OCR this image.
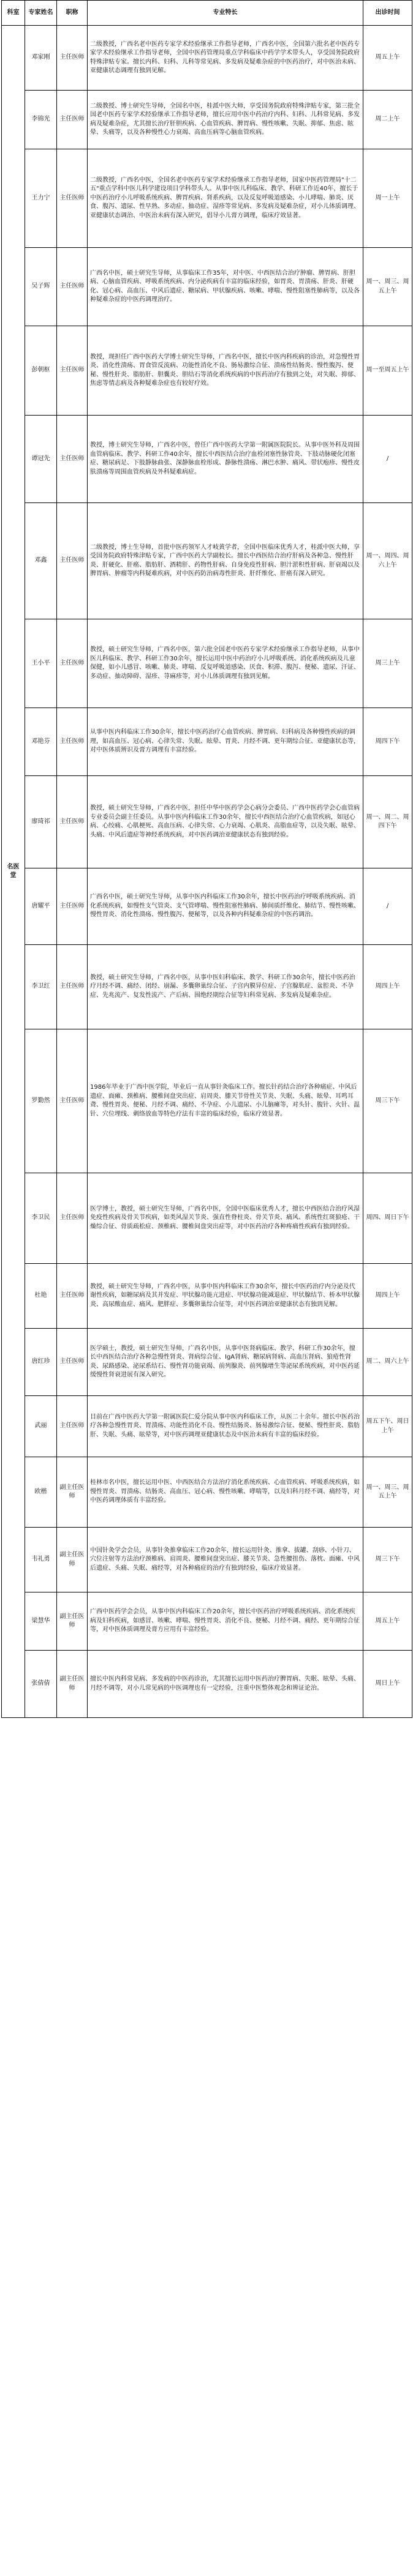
科室	专家姓名	职称	专业特长	出诊时间
名医堂	邓家刚	主任医师	二级教授，广西名老中医药专家学术经验继承工作指导老师，广西名中医，全国第六批名老中医药专家学术经验继承工作指导老师，全国中医药管理局重点学科临床中药学学术带头人，享受国务院政府特殊津贴专家。擅长内科、妇科、儿科等常见病、多发病及疑难杂症的中医药治疗，对中医治未病、亚健康状态调理有独到见解。	周五上午
	李锦光	主任医师	二级教授、博士研究生导师，全国名中医，桂派中医大师，享受国务院政府特殊津贴专家，第三批全国老中医药专家学术经验继承工作指导老师，擅长应用中医中药治疗内科、妇科、儿科常见病、多发病及疑难杂症，尤其擅长治疗肝胆疾病、心血管疾病、脾胃病、慢性咳嗽、失眠、抑郁、焦虑、眩晕、头痛等，以及各种慢性心力衰竭、高血压病等心脑血管疾病。	周二上午
	王力宁	主任医师	二级教授，广西名中医，全国名老中医药专家学术经验继承工作指导老师，国家中医药管理局"十二五"重点学科中医儿科学建设项目学科带头人。从事中医儿科临床、教学、科研工作近40年，擅长于中医药治疗小儿呼吸系统疾病、脾胃疾病、肾系疾病，以及反复呼吸道感染、小儿哮喘、肺炎、厌食、腹泻、遗尿、性早熟、多动症、抽动症、湿疹等常见病、多发病及疑难杂症，对小儿体质调理、亚健康状态调治、中医治未病有深入研究，倡导小儿膏方调理，临床疗效显著。	周一上午
	吴子辉	主任医师	广西名中医，硕士研究生导师，从事临床工作35年，对中医、中西医结合治疗肿瘤、脾胃病、肝胆病、心脑血管疾病、呼吸系统疾病、内分泌疾病有丰富的临床经验，如胃炎、胃溃疡、肝炎、肝硬化、冠心病、高血压、中风后遗症、糖尿病、甲状腺疾病、咳嗽、哮喘、慢性阻塞性肺病等，以及各种疑难杂症的中医药调理治疗。	周一、周三、周五上午
	彭朝枢	主任医师	教授，现担任广西中医药大学博士研究生导师，广西名中医，擅长中医内科疾病的诊治，对急慢性胃炎、消化性溃疡、胃食管反流病、功能性消化不良、肠易激综合征、溃疡性结肠炎、慢性腹泻、便秘、慢性肝炎、脂肪肝、胆囊炎、胆结石等消化系统疾病的中医药治疗有独到之处，对失眠、抑郁、焦虑等情志病及各种疑难杂症也有较好疗效。	周一至周五上午
	谭冠先	主任医师	教授，博士研究生导师，广西名中医，曾任广西中医药大学第一附属医院院长。从事中医外科及周围血管病临床、教学、科研工作40余年，擅长中西医结合治疗血栓闭塞性脉管炎、下肢动脉硬化闭塞症、糖尿病足、下肢静脉曲张、深静脉血栓形成、静脉性溃疡、淋巴水肿、痛风、带状疱疹、慢性皮肤溃疡等周围血管疾病及外科疑难病症。	/
	邓鑫	主任医师	二级教授，博士生导师，首批中医药领军人才岐黄学者，全国中医临床优秀人才，桂派中医大师，享受国务院政府特殊津贴专家，广西中医药大学副校长。擅长中西医结合治疗肝病及各种急、慢性肝炎、肝硬化、肝癌、脂肪肝、酒精肝、药物性肝病、自身免疫性肝病、胆汁淤积性肝病、肝衰竭以及脾胃病、肿瘤等内科疑难疾病，对中医药防治病毒性肝炎、肝纤维化、肝癌有深入研究。	周一、周四、周六上午
	王小平	主任医师	教授，硕士研究生导师，广西名中医，第六批全国老中医药专家学术经验继承工作指导老师，从事中医儿科临床、教学、科研工作30余年，擅长运用中医中药治疗小儿呼吸系统、消化系统疾病及儿童保健，如小儿感冒、咳嗽、肺炎、哮喘、反复呼吸道感染、厌食、积滞、腹泻、便秘、遗尿、汗证、多动症、抽动障碍、湿疹、荨麻疹等，对小儿体质调理有独到见解。	周三上午
	邓艳芬	主任医师	从事中医内科临床工作30余年，擅长中医药治疗心血管疾病、脾胃病、妇科病及各种慢性疾病的调理，如高血压、冠心病、心律失常、失眠、眩晕、胃炎、月经不调、更年期综合征、亚健康状态等，对中医体质辨识及膏方调理有丰富经验。	周四下午
	廖琦祁	主任医师	教授，硕士研究生导师，广西名中医，担任中华中医药学会心病分会委员、广西中医药学会心血管病专业委员会副主任委员。从事中医内科临床工作30余年，擅长中西医结合治疗心血管疾病，如冠心病、心绞痛、心肌梗死、高血压病、心律失常、心力衰竭、心肌炎、高脂血症等，以及失眠、眩晕、头痛、中风后遗症等神经系统疾病，对中医药调治亚健康状态有独到经验。	周一、周二、周四下午
	唐耀平	主任医师	广西名中医，硕士研究生导师，从事中医内科临床工作30余年，擅长中医药治疗呼吸系统疾病、消化系统疾病，如慢性支气管炎、支气管哮喘、慢性阻塞性肺病、肺间质纤维化、肺结节、慢性咳嗽、慢性胃炎、消化性溃疡、慢性腹泻、便秘等，以及各种内科疑难杂症的中医药调治。	/
	李卫红	主任医师	教授，硕士研究生导师，广西名中医，从事中医妇科临床、教学、科研工作30余年，擅长中医药治疗月经不调、痛经、闭经、崩漏、多囊卵巢综合征、子宫内膜异位症、子宫腺肌症、盆腔炎、不孕症、先兆流产、复发性流产、产后病、围绝经期综合征等妇科常见病、多发病及疑难杂症。	周四上午
	罗勤然	主任医师	1986年毕业于广西中医学院，毕业后一直从事针灸临床工作。擅长针药结合治疗各种痛症、中风后遗症、面瘫、颈椎病、腰椎间盘突出症、肩周炎、膝关节骨性关节炎、失眠、头痛、眩晕、耳鸣耳聋、慢性胃炎、便秘、月经不调、痛经、不孕症、小儿遗尿、小儿脑瘫等，对头针、腹针、火针、温针、穴位埋线、刺络放血等特色疗法有丰富的临床经验，临床疗效显著。	周三下午
	李卫民	主任医师	医学博士，教授，硕士研究生导师，广西名中医，全国中医临床优秀人才，擅长中西医结合治疗风湿免疫性疾病及骨关节疾病，如类风湿关节炎、强直性脊柱炎、骨关节炎、痛风、系统性红斑狼疮、干燥综合征、骨质疏松症、颈椎病、腰椎间盘突出症等，对中医药治疗各种疼痛性疾病有独到经验。	周四、周日下午
	杜艳	主任医师	教授，硕士研究生导师，广西名中医，从事中医内科临床工作30余年，擅长中医药治疗内分泌及代谢性疾病，如糖尿病及其并发症、甲状腺功能亢进症、甲状腺功能减退症、甲状腺结节、桥本甲状腺炎、高尿酸血症、痛风、肥胖症、多囊卵巢综合征等，对中医药调治亚健康状态有独到见解。	周四上午
	唐红珍	主任医师	医学硕士，教授，硕士研究生导师，广西名中医，从事中医肾病临床、教学、科研工作30余年，擅长中西医结合治疗各种急慢性肾炎、肾病综合征、IgA肾病、糖尿病肾病、高血压肾病、狼疮性肾炎、尿路感染、泌尿系结石、慢性肾功能衰竭、前列腺炎、前列腺增生等泌尿系统疾病，对中医药延缓慢性肾衰进展有深入研究。	周二、周六上午
	武丽	主任医师	目前在广西中医药大学第一附属医院仁爱分院从事中医内科临床工作，从医二十余年。擅长中医药治疗各种急慢性胃炎、胃溃疡、功能性消化不良、慢性结肠炎、肠易激综合征、便秘、慢性肝炎、脂肪肝、失眠、头痛、眩晕等，对中医药调理亚健康状态及中医治未病有丰富的临床经验。	周五下午、周日上午
	欧楷	副主任医师	桂林市名中医，擅长运用中医、中西医结合方法治疗消化系统疾病、心血管疾病、呼吸系统疾病，如慢性胃炎、胃溃疡、结肠炎、高血压、冠心病、慢性咳嗽、哮喘等，以及妇科月经不调、痛经等，对中医药调理体质有丰富经验。	周一、周三、周五上午
	韦礼勇	副主任医师	中国针灸学会会员，从事针灸推拿临床工作20余年，擅长运用针灸、推拿、拔罐、刮痧、小针刀、穴位注射等方法治疗颈椎病、肩周炎、腰椎间盘突出症、膝关节炎、急性腰扭伤、落枕、面瘫、中风后遗症、头痛、失眠、痛经等，对各种痛症的治疗有独到经验，临床疗效显著。	周三下午
	梁慧华	副主任医师	广西中医药学会会员，从事中医内科临床工作20余年，擅长中医药治疗呼吸系统疾病、消化系统疾病及妇科疾病，如感冒、咳嗽、哮喘、慢性胃炎、消化不良、便秘、月经不调、痛经、更年期综合征等，对中医体质调理及膏方应用有丰富经验。	周五上午
	张倩倩	副主任医师	擅长中医内科常见病、多发病的中医药诊治，尤其擅长运用中医药治疗脾胃病、失眠、眩晕、头痛、月经不调等，对小儿常见病的中医调理也有一定经验，注重中医整体观念和辨证论治。	周日上午
